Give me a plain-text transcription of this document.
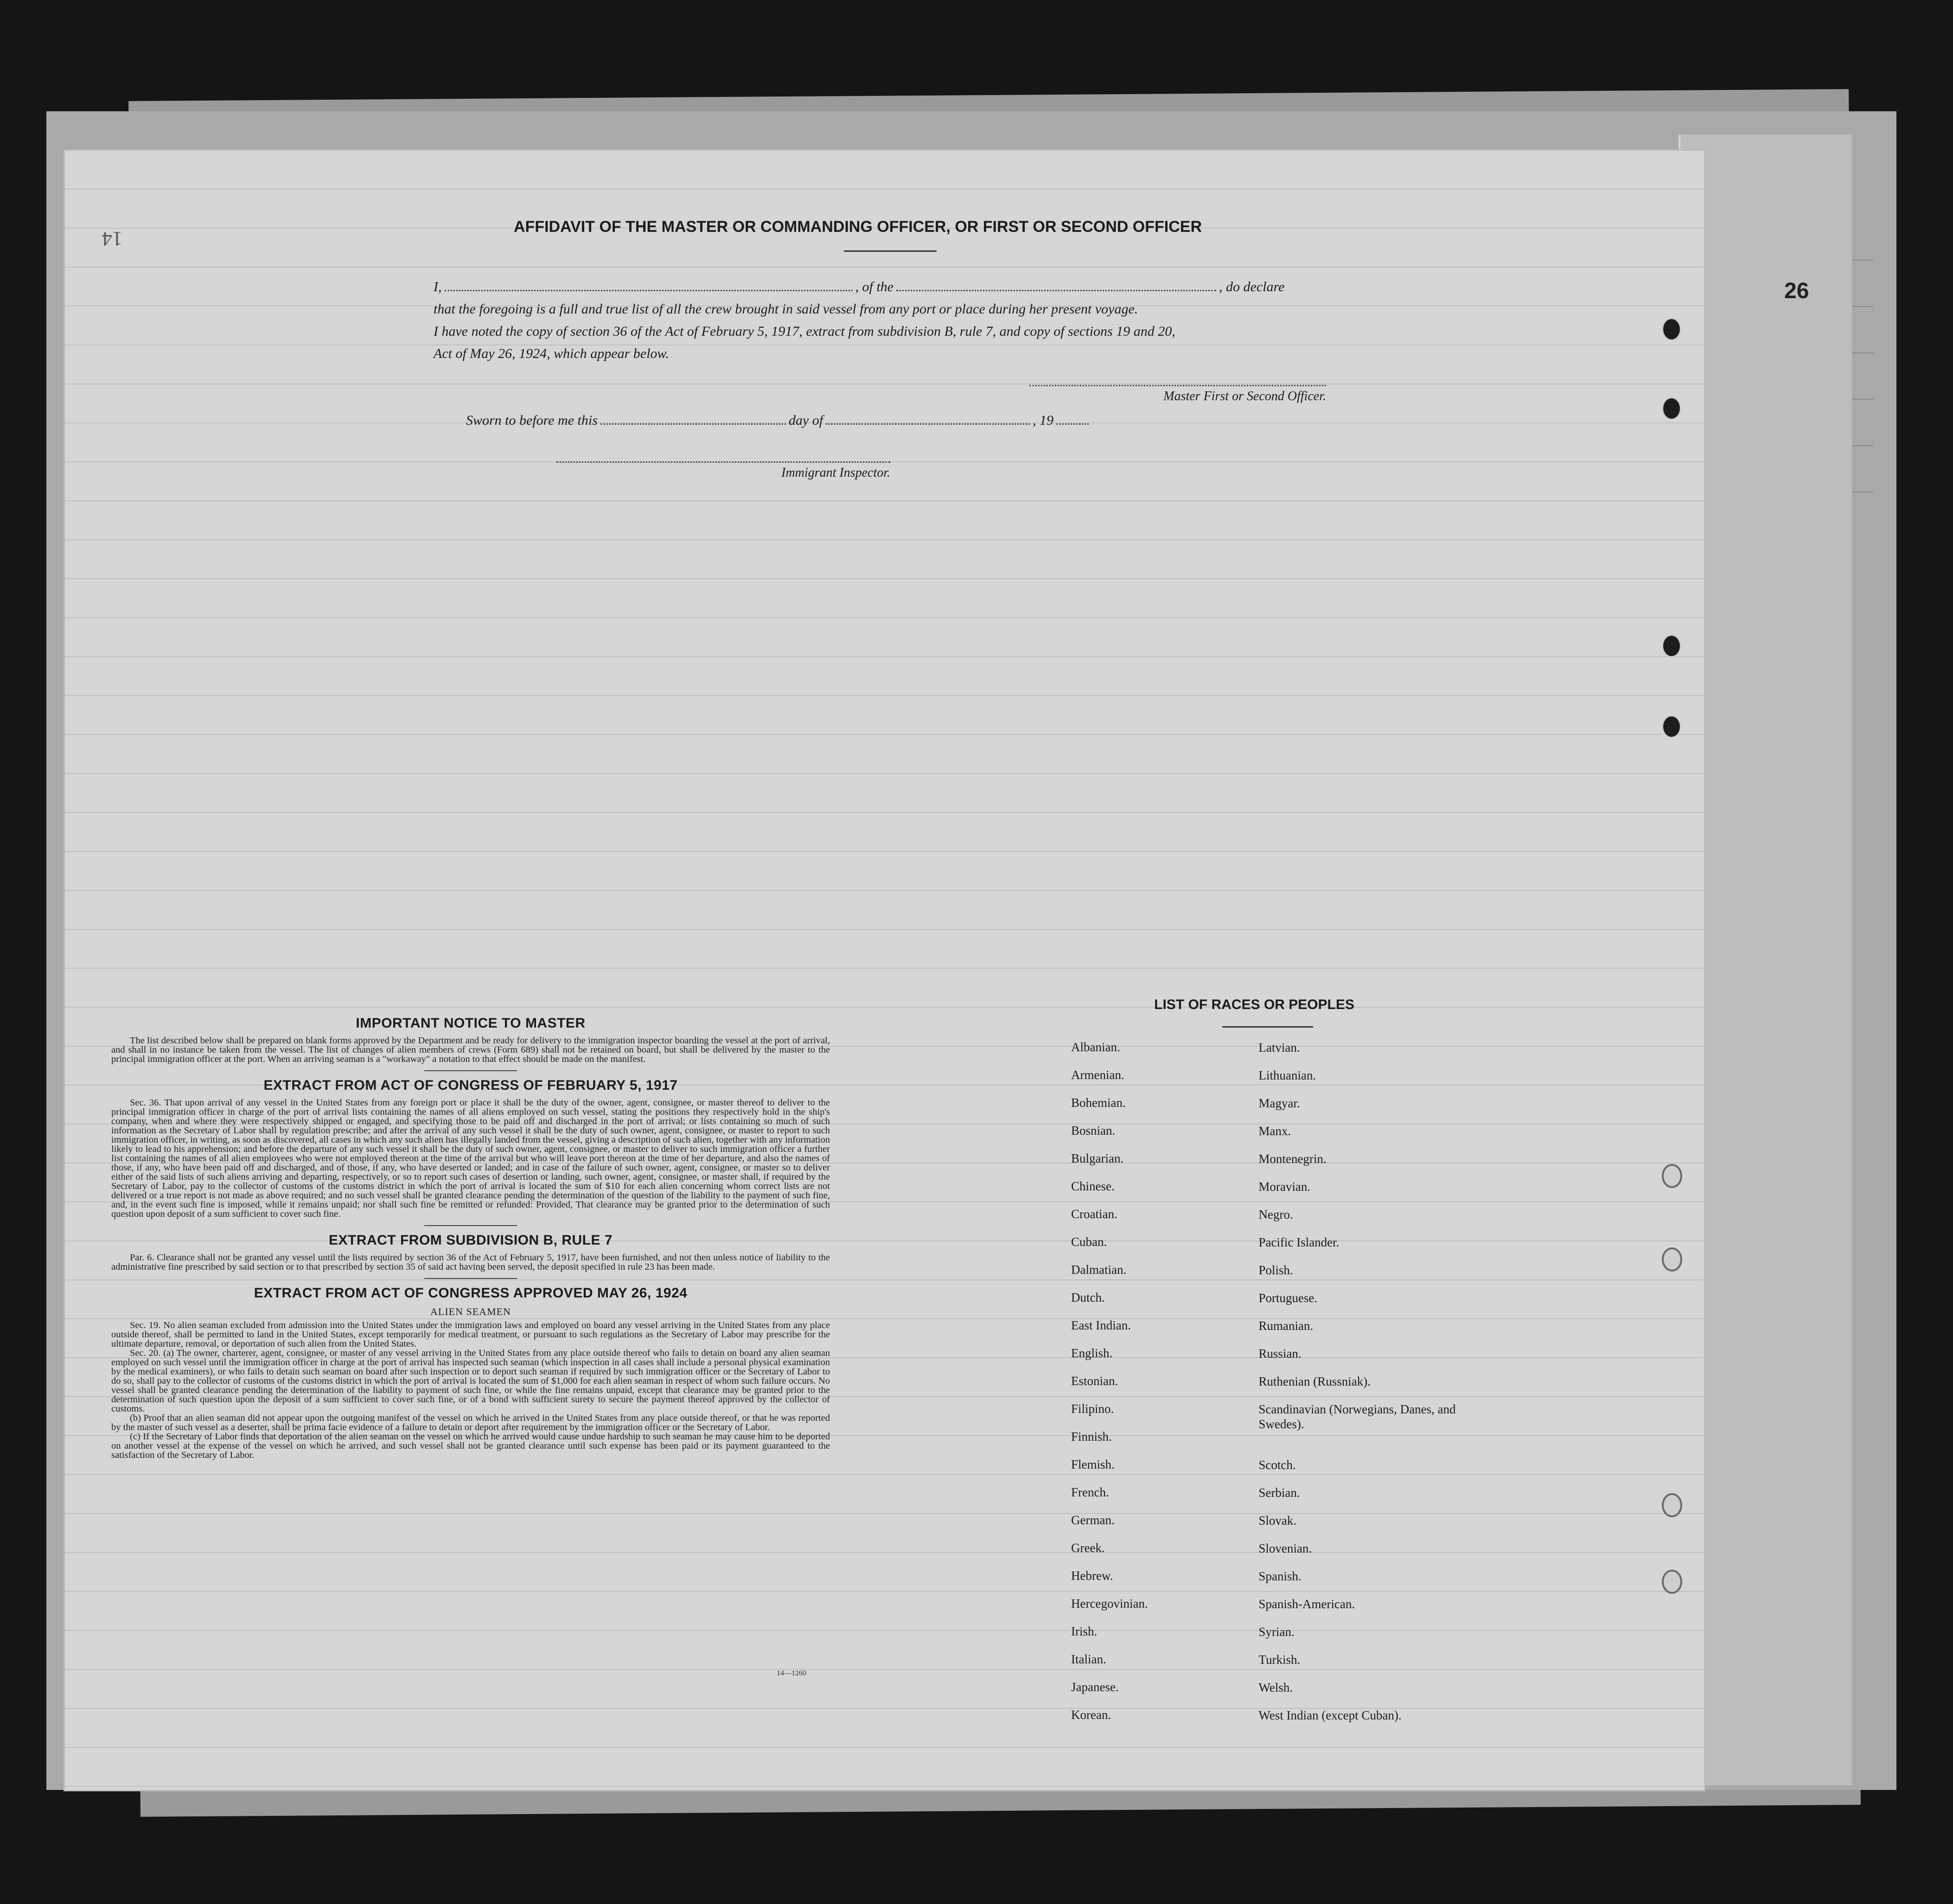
26
14
AFFIDAVIT OF THE MASTER OR COMMANDING OFFICER, OR FIRST OR SECOND OFFICER
I,	, of the	, do declare
that the foregoing is a full and true list of all the crew brought in said vessel from any port or place during her present voyage.
I have noted the copy of section 36 of the Act of February 5, 1917, extract from subdivision B, rule 7, and copy of sections 19 and 20,
Act of May 26, 1924, which appear below.
Master First or Second Officer.
Sworn to before me this	day of	, 19
Immigrant Inspector.
IMPORTANT NOTICE TO MASTER

The list described below shall be prepared on blank forms approved by the Department and be ready for delivery to the immigration inspector boarding the vessel at the port of arrival, and shall in no instance be taken from the vessel. The list of changes of alien members of crews (Form 689) shall not be retained on board, but shall be delivered by the master to the principal immigration officer at the port. When an arriving seaman is a "workaway" a notation to that effect should be made on the manifest.

EXTRACT FROM ACT OF CONGRESS OF FEBRUARY 5, 1917

Sec. 36. That upon arrival of any vessel in the United States from any foreign port or place it shall be the duty of the owner, agent, consignee, or master thereof to deliver to the principal immigration officer in charge of the port of arrival lists containing the names of all aliens employed on such vessel, stating the positions they respectively hold in the ship's company, when and where they were respectively shipped or engaged, and specifying those to be paid off and discharged in the port of arrival; or lists containing so much of such information as the Secretary of Labor shall by regulation prescribe; and after the arrival of any such vessel it shall be the duty of such owner, agent, consignee, or master to report to such immigration officer, in writing, as soon as discovered, all cases in which any such alien has illegally landed from the vessel, giving a description of such alien, together with any information likely to lead to his apprehension; and before the departure of any such vessel it shall be the duty of such owner, agent, consignee, or master to deliver to such immigration officer a further list containing the names of all alien employees who were not employed thereon at the time of the arrival but who will leave port thereon at the time of her departure, and also the names of those, if any, who have been paid off and discharged, and of those, if any, who have deserted or landed; and in case of the failure of such owner, agent, consignee, or master so to deliver either of the said lists of such aliens arriving and departing, respectively, or so to report such cases of desertion or landing, such owner, agent, consignee, or master shall, if required by the Secretary of Labor, pay to the collector of customs of the customs district in which the port of arrival is located the sum of $10 for each alien concerning whom correct lists are not delivered or a true report is not made as above required; and no such vessel shall be granted clearance pending the determination of the question of the liability to the payment of such fine, and, in the event such fine is imposed, while it remains unpaid; nor shall such fine be remitted or refunded: Provided, That clearance may be granted prior to the determination of such question upon deposit of a sum sufficient to cover such fine.

EXTRACT FROM SUBDIVISION B, RULE 7

Par. 6. Clearance shall not be granted any vessel until the lists required by section 36 of the Act of February 5, 1917, have been furnished, and not then unless notice of liability to the administrative fine prescribed by said section or to that prescribed by section 35 of said act having been served, the deposit specified in rule 23 has been made.

EXTRACT FROM ACT OF CONGRESS APPROVED MAY 26, 1924
ALIEN SEAMEN

Sec. 19. No alien seaman excluded from admission into the United States under the immigration laws and employed on board any vessel arriving in the United States from any place outside thereof, shall be permitted to land in the United States, except temporarily for medical treatment, or pursuant to such regulations as the Secretary of Labor may prescribe for the ultimate departure, removal, or deportation of such alien from the United States.

Sec. 20. (a) The owner, charterer, agent, consignee, or master of any vessel arriving in the United States from any place outside thereof who fails to detain on board any alien seaman employed on such vessel until the immigration officer in charge at the port of arrival has inspected such seaman (which inspection in all cases shall include a personal physical examination by the medical examiners), or who fails to detain such seaman on board after such inspection or to deport such seaman if required by such immigration officer or the Secretary of Labor to do so, shall pay to the collector of customs of the customs district in which the port of arrival is located the sum of $1,000 for each alien seaman in respect of whom such failure occurs. No vessel shall be granted clearance pending the determination of the liability to payment of such fine, or while the fine remains unpaid, except that clearance may be granted prior to the determination of such question upon the deposit of a sum sufficient to cover such fine, or of a bond with sufficient surety to secure the payment thereof approved by the collector of customs.

(b) Proof that an alien seaman did not appear upon the outgoing manifest of the vessel on which he arrived in the United States from any place outside thereof, or that he was reported by the master of such vessel as a deserter, shall be prima facie evidence of a failure to detain or deport after requirement by the immigration officer or the Secretary of Labor.

(c) If the Secretary of Labor finds that deportation of the alien seaman on the vessel on which he arrived would cause undue hardship to such seaman he may cause him to be deported on another vessel at the expense of the vessel on which he arrived, and such vessel shall not be granted clearance until such expense has been paid or its payment guaranteed to the satisfaction of the Secretary of Labor.

14—1260
LIST OF RACES OR PEOPLES
Albanian.	Latvian.
Armenian.	Lithuanian.
Bohemian.	Magyar.
Bosnian.	Manx.
Bulgarian.	Montenegrin.
Chinese.	Moravian.
Croatian.	Negro.
Cuban.	Pacific Islander.
Dalmatian.	Polish.
Dutch.	Portuguese.
East Indian.	Rumanian.
English.	Russian.
Estonian.	Ruthenian (Russniak).
Filipino.	Scandinavian (Norwegians, Danes, and Swedes).
Finnish.
Flemish.	Scotch.
French.	Serbian.
German.	Slovak.
Greek.	Slovenian.
Hebrew.	Spanish.
Hercegovinian.	Spanish-American.
Irish.	Syrian.
Italian.	Turkish.
Japanese.	Welsh.
Korean.	West Indian (except Cuban).
